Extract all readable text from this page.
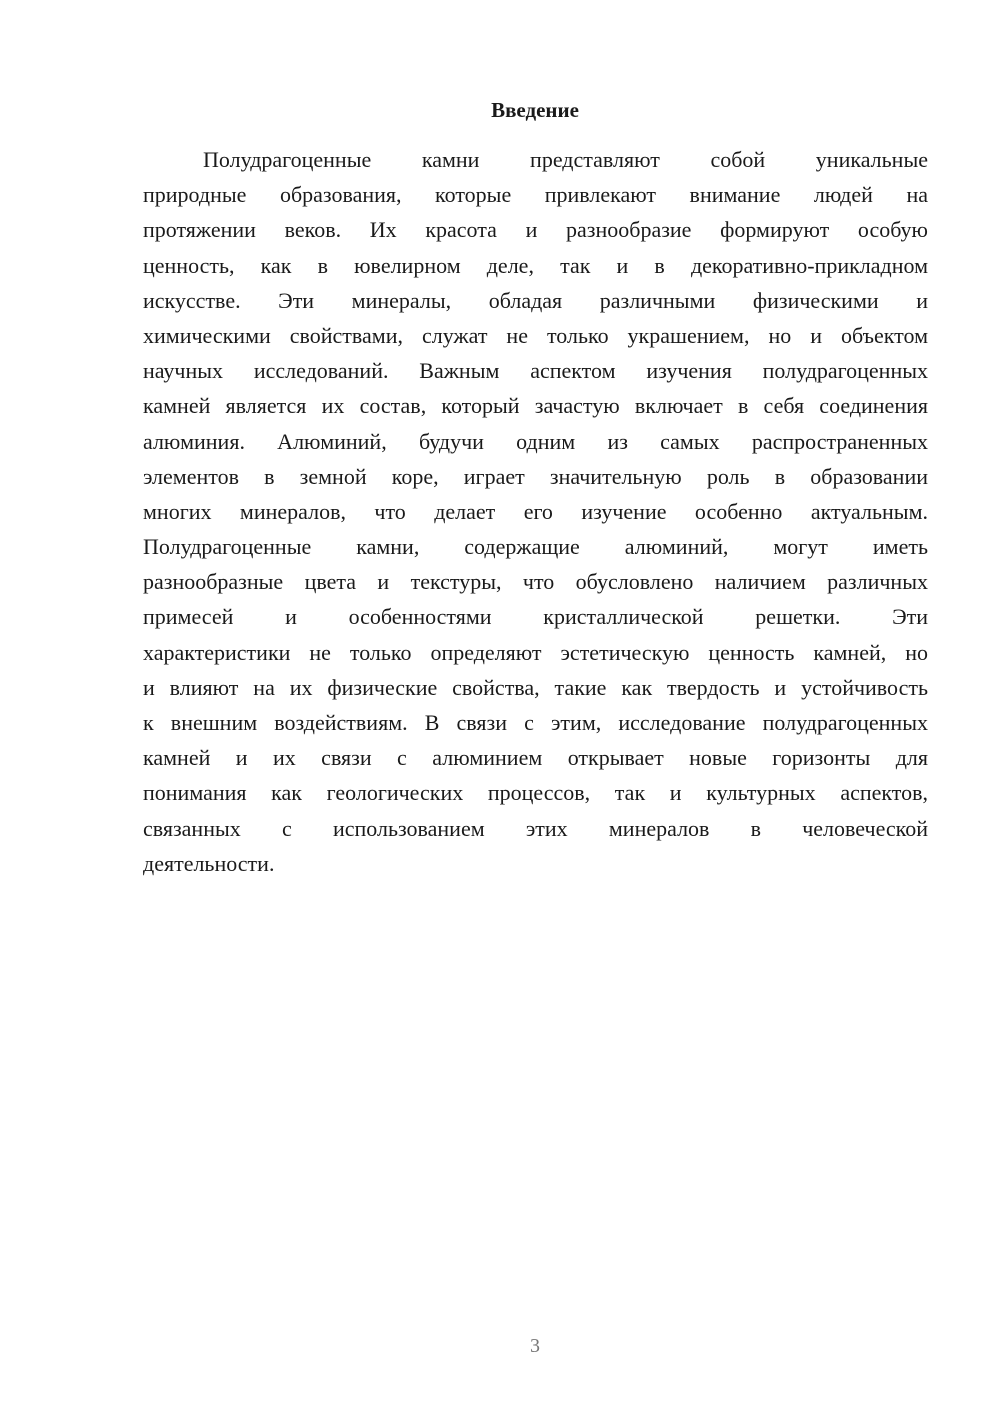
Введение
Полудрагоценные камни представляют собой уникальные
природные образования, которые привлекают внимание людей на
протяжении веков. Их красота и разнообразие формируют особую
ценность, как в ювелирном деле, так и в декоративно-прикладном
искусстве. Эти минералы, обладая различными физическими и
химическими свойствами, служат не только украшением, но и объектом
научных исследований. Важным аспектом изучения полудрагоценных
камней является их состав, который зачастую включает в себя соединения
алюминия. Алюминий, будучи одним из самых распространенных
элементов в земной коре, играет значительную роль в образовании
многих минералов, что делает его изучение особенно актуальным.
Полудрагоценные камни, содержащие алюминий, могут иметь
разнообразные цвета и текстуры, что обусловлено наличием различных
примесей и особенностями кристаллической решетки. Эти
характеристики не только определяют эстетическую ценность камней, но
и влияют на их физические свойства, такие как твердость и устойчивость
к внешним воздействиям. В связи с этим, исследование полудрагоценных
камней и их связи с алюминием открывает новые горизонты для
понимания как геологических процессов, так и культурных аспектов,
связанных с использованием этих минералов в человеческой
деятельности.
3
